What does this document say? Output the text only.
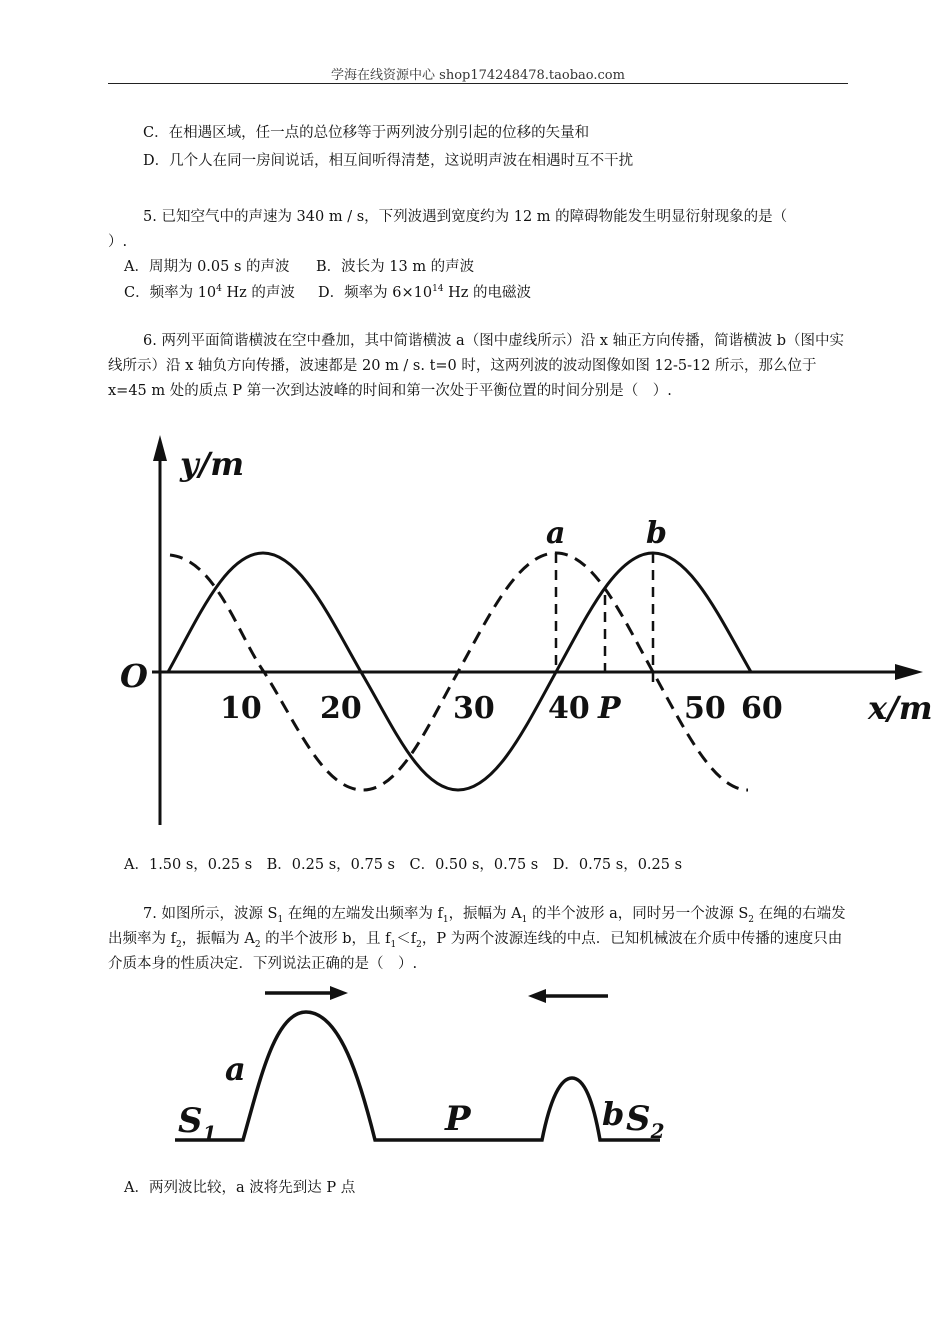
学海在线资源中心 shop174248478.taobao.com
C．在相遇区域，任一点的总位移等于两列波分别引起的位移的矢量和
D．几个人在同一房间说话，相互间听得清楚，这说明声波在相遇时互不干扰
5. 已知空气中的声速为 340 m / s，下列波遇到宽度约为 12 m 的障碍物能发生明显衍射现象的是（
）.
A．周期为 0.05 s 的声波 B．波长为 13 m 的声波
C．频率为 $10^4$ Hz 的声波 D．频率为 $6\times 10^{14}$ Hz 的电磁波
6. 两列平面简谐横波在空中叠加，其中简谐横波 a（图中虚线所示）沿 x 轴正方向传播，简谐横波 b（图中实线所示）沿 x 轴负方向传播，波速都是 20 m / s. t=0 时，这两列波的波动图像如图 12-5-12 所示，那么位于 x=45 m 处的质点 P 第一次到达波峰的时间和第一次处于平衡位置的时间分别是（　）.
y/m
x/m
O
10 20	30 40	50 60
P
a	b
A．1.50 s，0.25 s　B．0.25 s，0.75 s　C．0.50 s，0.75 s　D．0.75 s，0.25 s
7. 如图所示，波源 $S_1$ 在绳的左端发出频率为 $f_1$，振幅为 $A_1$ 的半个波形 a，同时另一个波源 $S_2$ 在绳的右端发出频率为 $f_2$，振幅为 $A_2$ 的半个波形 b，且 $f_1<f_2$，P 为两个波源连线的中点．已知机械波在介质中传播的速度只由介质本身的性质决定．下列说法正确的是（　）.
$S_1$
a
P	b $S_2$
A．两列波比较，a 波将先到达 P 点
